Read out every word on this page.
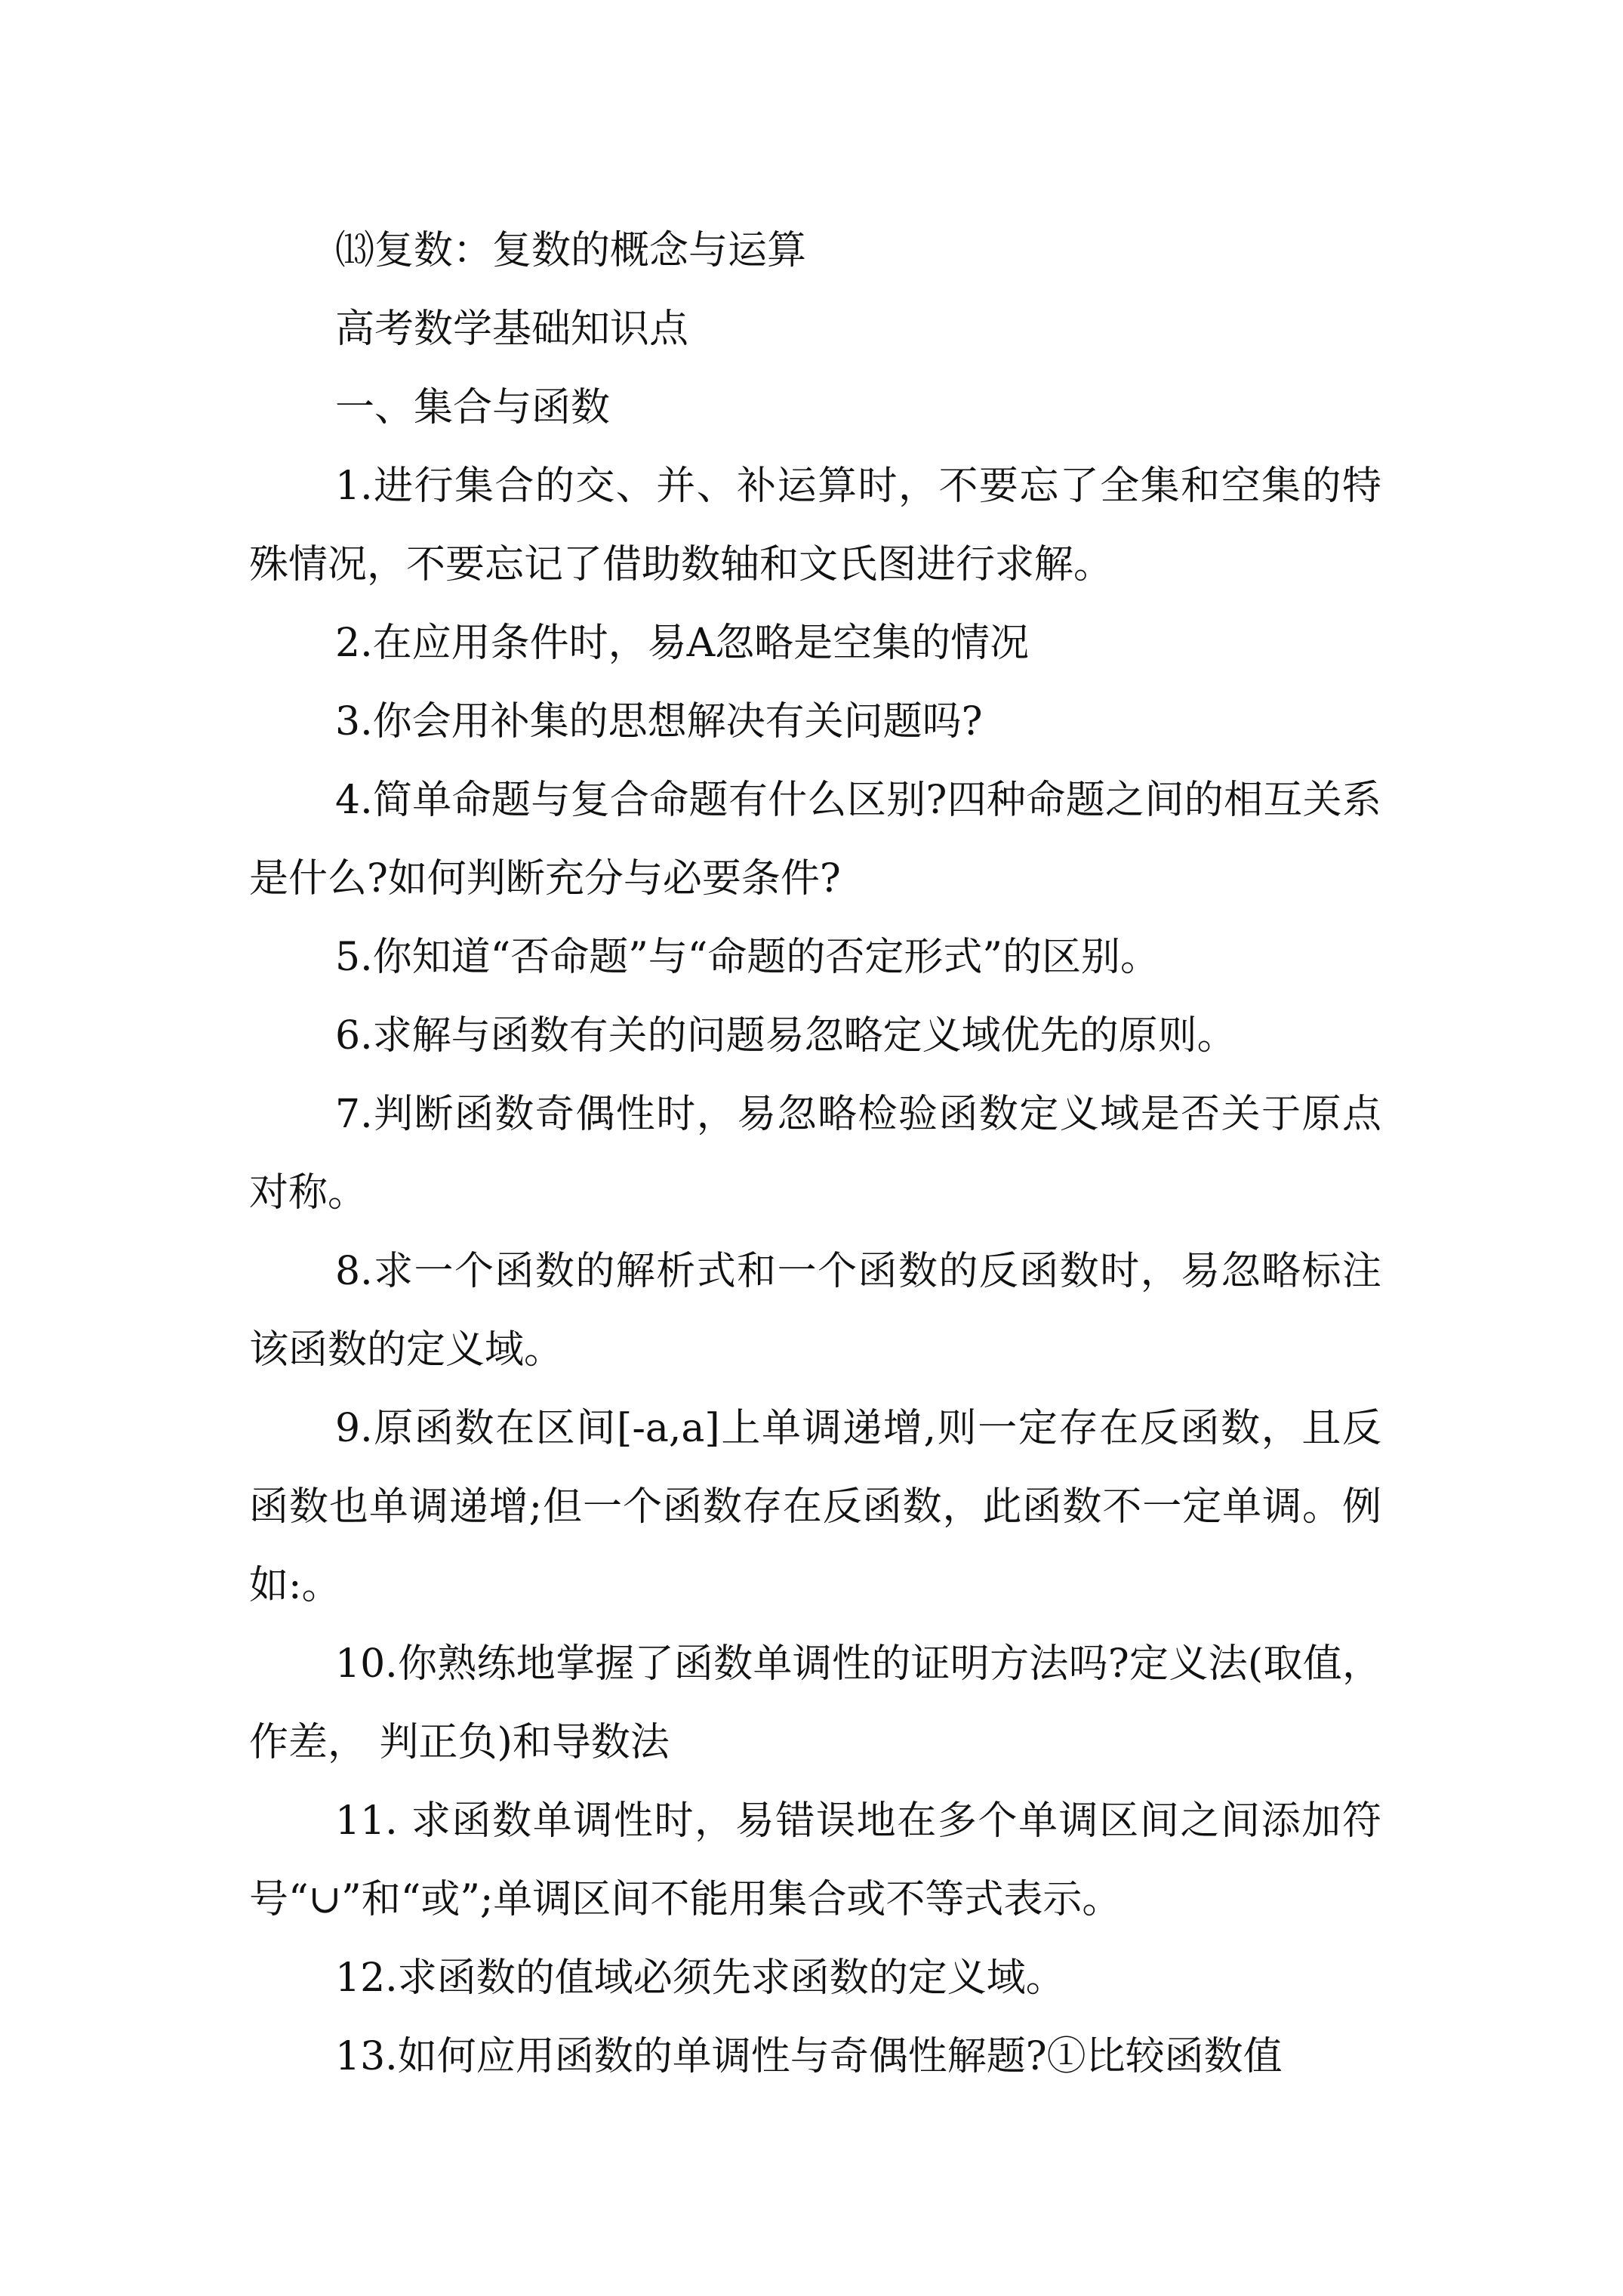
⒀复数：复数的概念与运算

高考数学基础知识点

一、集合与函数

1.进行集合的交、并、补运算时，不要忘了全集和空集的特殊情况，不要忘记了借助数轴和文氏图进行求解。

2.在应用条件时，易A忽略是空集的情况

3.你会用补集的思想解决有关问题吗?

4.简单命题与复合命题有什么区别?四种命题之间的相互关系是什么?如何判断充分与必要条件?

5.你知道“否命题”与“命题的否定形式”的区别。

6.求解与函数有关的问题易忽略定义域优先的原则。

7.判断函数奇偶性时，易忽略检验函数定义域是否关于原点对称。

8.求一个函数的解析式和一个函数的反函数时，易忽略标注该函数的定义域。

9.原函数在区间[-a,a]上单调递增,则一定存在反函数，且反函数也单调递增;但一个函数存在反函数，此函数不一定单调。例如:。

10.你熟练地掌握了函数单调性的证明方法吗?定义法(取值， 作差， 判正负)和导数法

11. 求函数单调性时，易错误地在多个单调区间之间添加符号“∪”和“或”;单调区间不能用集合或不等式表示。

12.求函数的值域必须先求函数的定义域。

13.如何应用函数的单调性与奇偶性解题?①比较函数值
